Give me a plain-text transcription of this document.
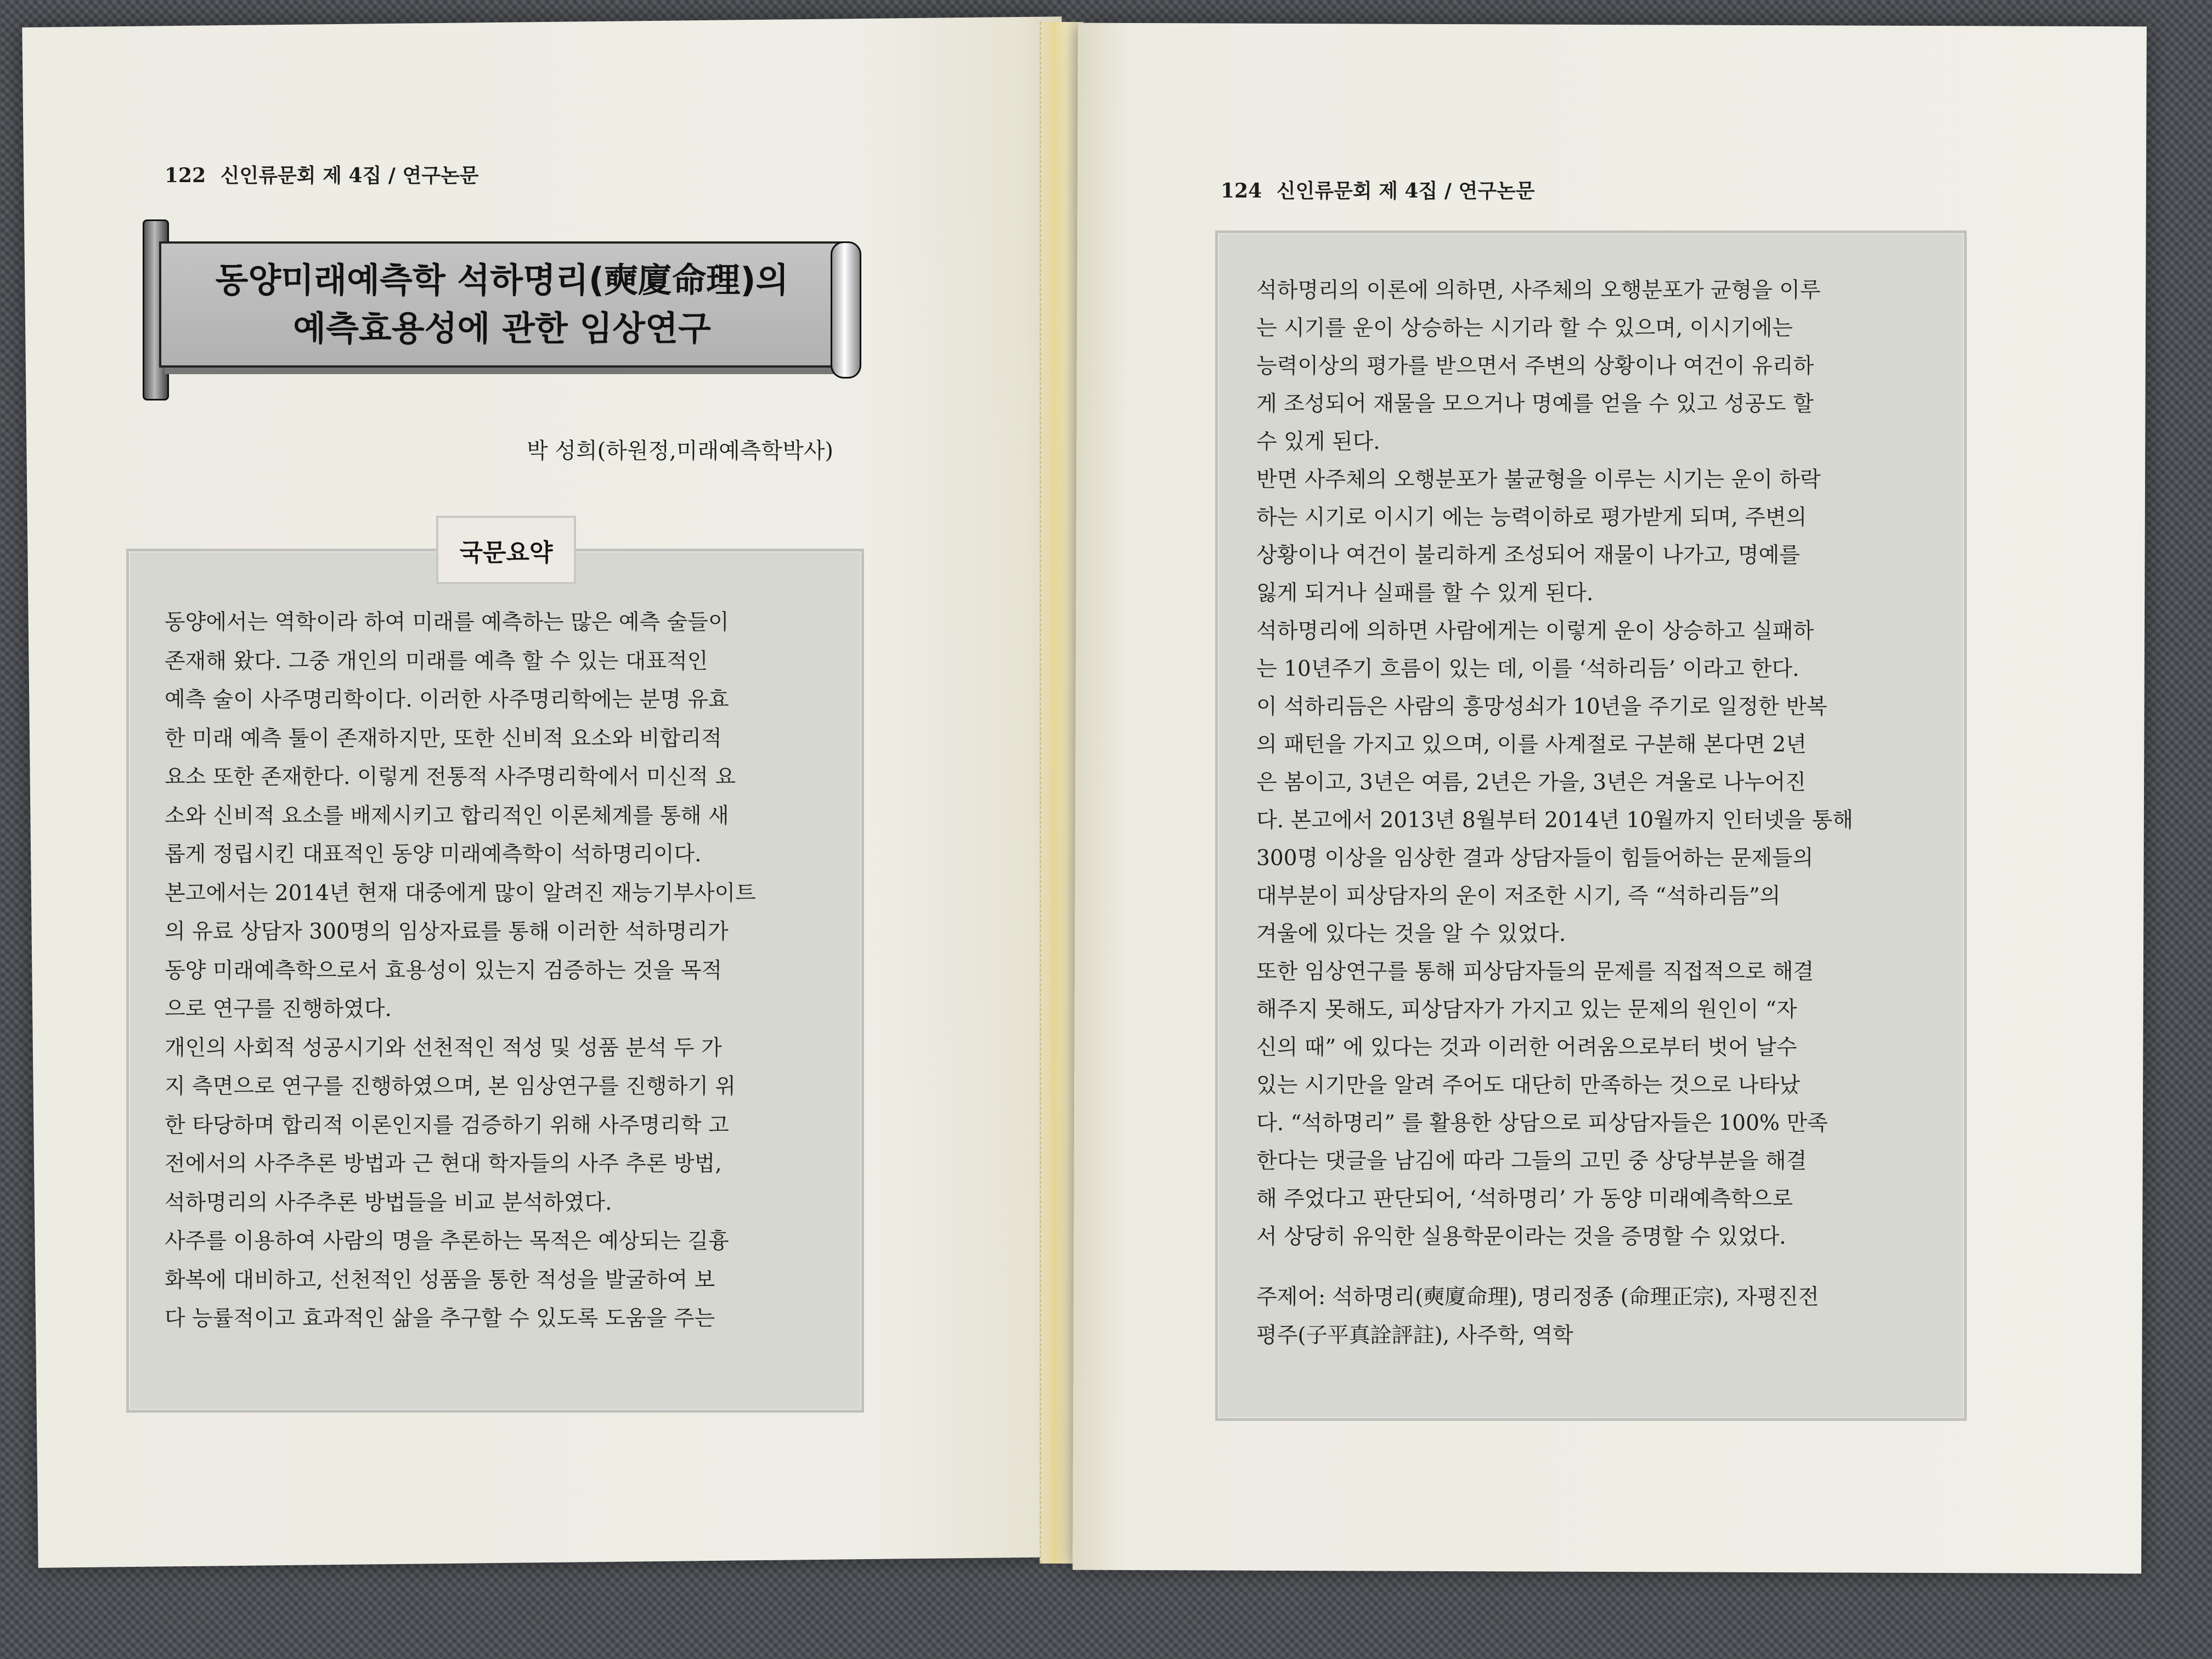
122 신인류문회 제 4집 / 연구논문
동양미래예측학 석하명리(奭廈命理)의
예측효용성에 관한 임상연구
박 성희(하원정,미래예측학박사)
국문요약
동양에서는 역학이라 하여 미래를 예측하는 많은 예측 술들이
존재해 왔다. 그중 개인의 미래를 예측 할 수 있는 대표적인
예측 술이 사주명리학이다. 이러한 사주명리학에는 분명 유효
한 미래 예측 툴이 존재하지만, 또한 신비적 요소와 비합리적
요소 또한 존재한다. 이렇게 전통적 사주명리학에서 미신적 요
소와 신비적 요소를 배제시키고 합리적인 이론체계를 통해 새
롭게 정립시킨 대표적인 동양 미래예측학이 석하명리이다.
본고에서는 2014년 현재 대중에게 많이 알려진 재능기부사이트
의 유료 상담자 300명의 임상자료를 통해 이러한 석하명리가
동양 미래예측학으로서 효용성이 있는지 검증하는 것을 목적
으로 연구를 진행하였다.
개인의 사회적 성공시기와 선천적인 적성 및 성품 분석 두 가
지 측면으로 연구를 진행하였으며, 본 임상연구를 진행하기 위
한 타당하며 합리적 이론인지를 검증하기 위해 사주명리학 고
전에서의 사주추론 방법과 근 현대 학자들의 사주 추론 방법,
석하명리의 사주추론 방법들을 비교 분석하였다.
사주를 이용하여 사람의 명을 추론하는 목적은 예상되는 길흉
화복에 대비하고, 선천적인 성품을 통한 적성을 발굴하여 보
다 능률적이고 효과적인 삶을 추구할 수 있도록 도움을 주는
124 신인류문회 제 4집 / 연구논문
석하명리의 이론에 의하면, 사주체의 오행분포가 균형을 이루
는 시기를 운이 상승하는 시기라 할 수 있으며, 이시기에는
능력이상의 평가를 받으면서 주변의 상황이나 여건이 유리하
게 조성되어 재물을 모으거나 명예를 얻을 수 있고 성공도 할
수 있게 된다.
반면 사주체의 오행분포가 불균형을 이루는 시기는 운이 하락
하는 시기로 이시기 에는 능력이하로 평가받게 되며, 주변의
상황이나 여건이 불리하게 조성되어 재물이 나가고, 명예를
잃게 되거나 실패를 할 수 있게 된다.
석하명리에 의하면 사람에게는 이렇게 운이 상승하고 실패하
는 10년주기 흐름이 있는 데, 이를 ‘석하리듬’ 이라고 한다.
이 석하리듬은 사람의 흥망성쇠가 10년을 주기로 일정한 반복
의 패턴을 가지고 있으며, 이를 사계절로 구분해 본다면 2년
은 봄이고, 3년은 여름, 2년은 가을, 3년은 겨울로 나누어진
다. 본고에서 2013년 8월부터 2014년 10월까지 인터넷을 통해
300명 이상을 임상한 결과 상담자들이 힘들어하는 문제들의
대부분이 피상담자의 운이 저조한 시기, 즉 “석하리듬”의
겨울에 있다는 것을 알 수 있었다.
또한 임상연구를 통해 피상담자들의 문제를 직접적으로 해결
해주지 못해도, 피상담자가 가지고 있는 문제의 원인이 “자
신의 때” 에 있다는 것과 이러한 어려움으로부터 벗어 날수
있는 시기만을 알려 주어도 대단히 만족하는 것으로 나타났
다. “석하명리” 를 활용한 상담으로 피상담자들은 100% 만족
한다는 댓글을 남김에 따라 그들의 고민 중 상당부분을 해결
해 주었다고 판단되어, ‘석하명리’ 가 동양 미래예측학으로
서 상당히 유익한 실용학문이라는 것을 증명할 수 있었다.
주제어: 석하명리(奭廈命理), 명리정종 (命理正宗), 자평진전
평주(子平真詮評註), 사주학, 역학
